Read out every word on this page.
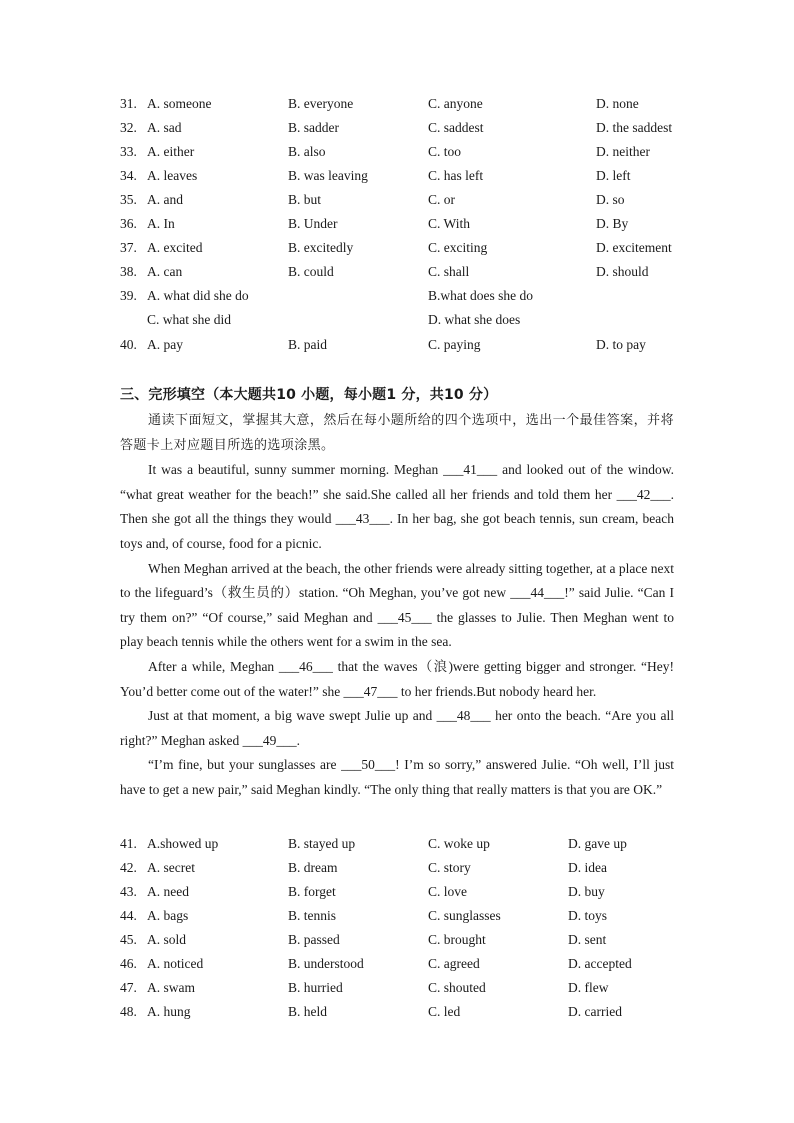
31. A. someone	B. everyone	C. anyone	D. none
32. A. sad	B. sadder	C. saddest	D. the saddest
33. A. either	B. also	C. too	D. neither
34. A. leaves	B. was leaving	C. has left	D. left
35. A. and	B. but	C. or	D. so
36. A. In	B. Under	C. With	D. By
37. A. excited	B. excitedly	C. exciting	D. excitement
38. A. can	B. could	C. shall	D. should
39. A. what did she do	B.what does she do
C. what she did	D. what she does
40. A. pay	B. paid	C. paying	D. to pay
三、完形填空（本大题共10 小题，每小题1 分，共10 分）

通读下面短文，掌握其大意，然后在每小题所给的四个选项中，选出一个最佳答案，并将答题卡上对应题目所选的选项涂黑。

It was a beautiful, sunny summer morning. Meghan ___41___ and looked out of the window. “what great weather for the beach!” she said.She called all her friends and told them her ___42___. Then she got all the things they would ___43___. In her bag, she got beach tennis, sun cream, beach toys and, of course, food for a picnic.

When Meghan arrived at the beach, the other friends were already sitting together, at a place next to the lifeguard’s（救生员的）station. “Oh Meghan, you’ve got new ___44___!” said Julie. “Can I try them on?” “Of course,” said Meghan and ___45___ the glasses to Julie. Then Meghan went to play beach tennis while the others went for a swim in the sea.

After a while, Meghan ___46___ that the waves（浪)were getting bigger and stronger. “Hey! You’d better come out of the water!” she ___47___ to her friends.But nobody heard her.

Just at that moment, a big wave swept Julie up and ___48___ her onto the beach. “Are you all right?” Meghan asked ___49___.

“I’m fine, but your sunglasses are ___50___! I’m so sorry,” answered Julie. “Oh well, I’ll just have to get a new pair,” said Meghan kindly. “The only thing that really matters is that you are OK.”

41. A.showed up	B. stayed up	C. woke up	D. gave up
42. A. secret	B. dream	C. story	D. idea
43. A. need	B. forget	C. love	D. buy
44. A. bags	B. tennis	C. sunglasses	D. toys
45. A. sold	B. passed	C. brought	D. sent
46. A. noticed	B. understood	C. agreed	D. accepted
47. A. swam	B. hurried	C. shouted	D. flew
48. A. hung	B. held	C. led	D. carried
